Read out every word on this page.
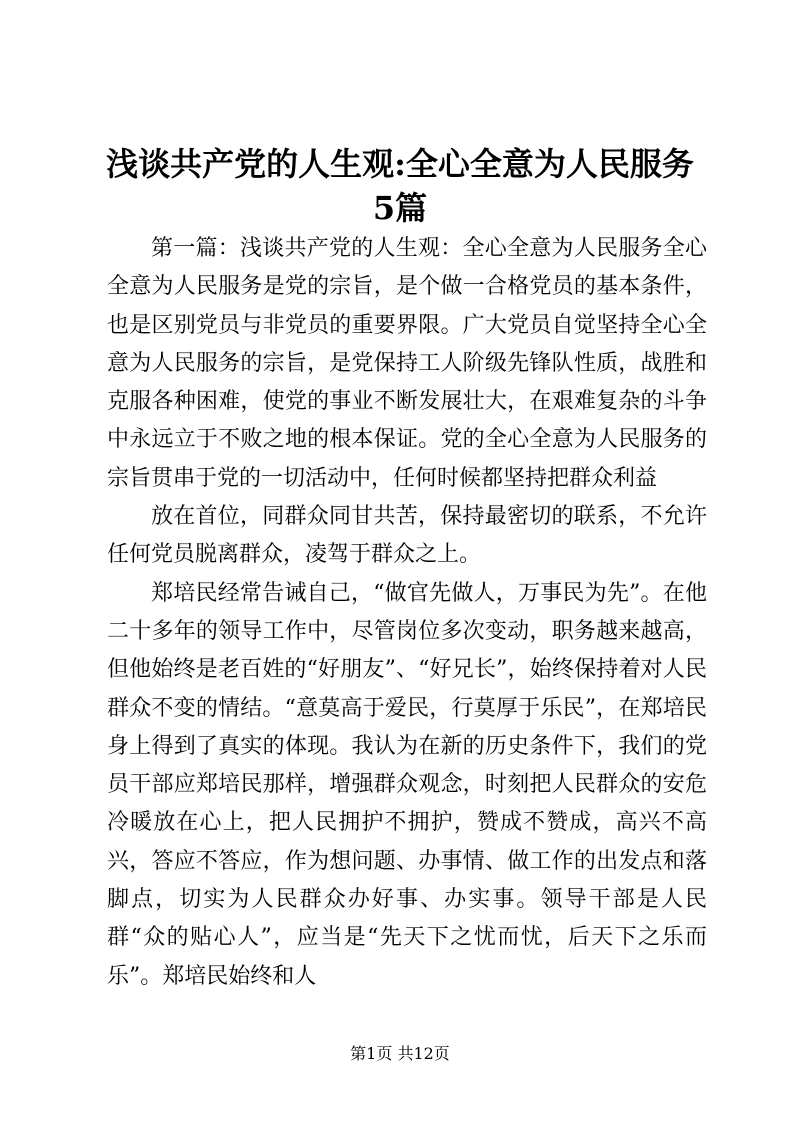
浅谈共产党的人生观:全心全意为人民服务5篇

第一篇：浅谈共产党的人生观：全心全意为人民服务全心全意为人民服务是党的宗旨，是个做一合格党员的基本条件，也是区别党员与非党员的重要界限。广大党员自觉坚持全心全意为人民服务的宗旨，是党保持工人阶级先锋队性质，战胜和克服各种困难，使党的事业不断发展壮大，在艰难复杂的斗争中永远立于不败之地的根本保证。党的全心全意为人民服务的宗旨贯串于党的一切活动中，任何时候都坚持把群众利益

放在首位，同群众同甘共苦，保持最密切的联系，不允许任何党员脱离群众，凌驾于群众之上。

郑培民经常告诫自己，“做官先做人，万事民为先”。在他二十多年的领导工作中，尽管岗位多次变动，职务越来越高，但他始终是老百姓的“好朋友”、“好兄长”，始终保持着对人民群众不变的情结。“意莫高于爱民，行莫厚于乐民”，在郑培民身上得到了真实的体现。我认为在新的历史条件下，我们的党员干部应郑培民那样，增强群众观念，时刻把人民群众的安危冷暖放在心上，把人民拥护不拥护，赞成不赞成，高兴不高兴，答应不答应，作为想问题、办事情、做工作的出发点和落脚点，切实为人民群众办好事、办实事。领导干部是人民群“众的贴心人”，应当是“先天下之忧而忧，后天下之乐而乐”。郑培民始终和人

第1页 共12页
